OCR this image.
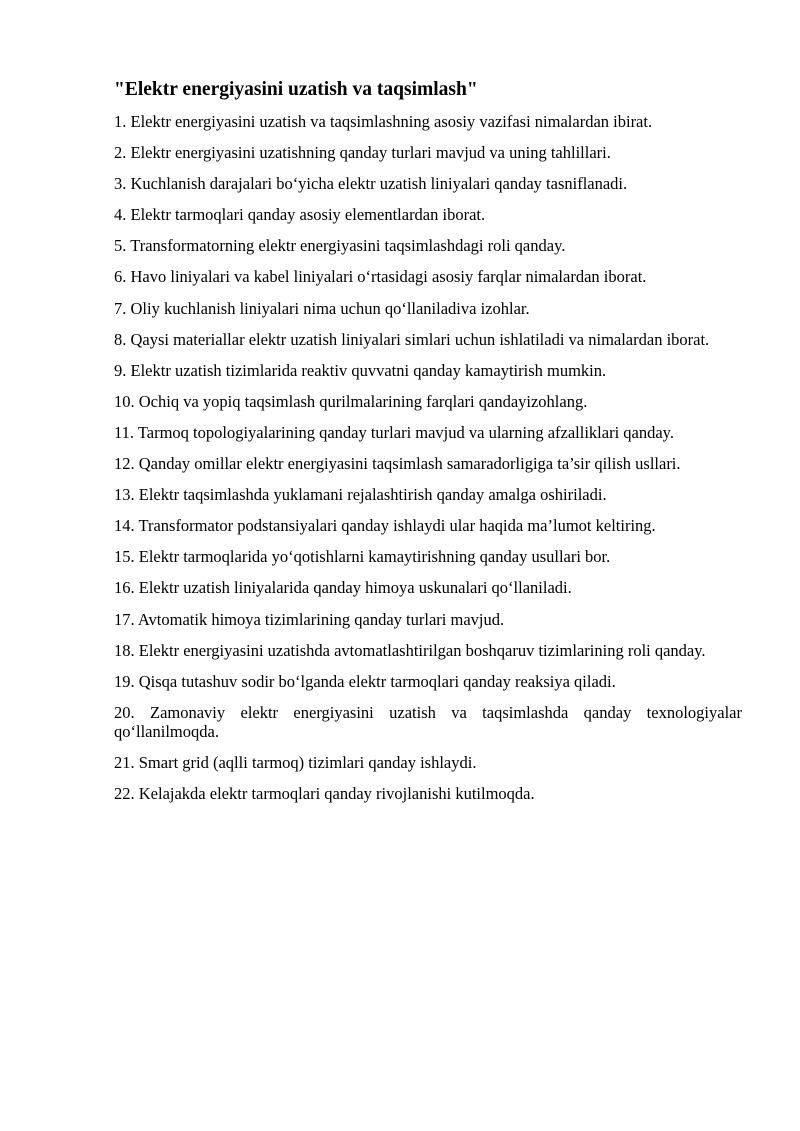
"Elektr energiyasini uzatish va taqsimlash"
1. Elektr energiyasini uzatish va taqsimlashning asosiy vazifasi nimalardan ibirat.
2. Elektr energiyasini uzatishning qanday turlari mavjud va uning tahlillari.
3. Kuchlanish darajalari boʻyicha elektr uzatish liniyalari qanday tasniflanadi.
4. Elektr tarmoqlari qanday asosiy elementlardan iborat.
5. Transformatorning elektr energiyasini taqsimlashdagi roli qanday.
6. Havo liniyalari va kabel liniyalari oʻrtasidagi asosiy farqlar nimalardan iborat.
7. Oliy kuchlanish liniyalari nima uchun qoʻllaniladiva izohlar.
8. Qaysi materiallar elektr uzatish liniyalari simlari uchun ishlatiladi va nimalardan iborat.
9. Elektr uzatish tizimlarida reaktiv quvvatni qanday kamaytirish mumkin.
10. Ochiq va yopiq taqsimlash qurilmalarining farqlari qandayizohlang.
11. Tarmoq topologiyalarining qanday turlari mavjud va ularning afzalliklari qanday.
12. Qanday omillar elektr energiyasini taqsimlash samaradorligiga ta’sir qilish usllari.
13. Elektr taqsimlashda yuklamani rejalashtirish qanday amalga oshiriladi.
14. Transformator podstansiyalari qanday ishlaydi ular haqida ma’lumot keltiring.
15. Elektr tarmoqlarida yoʻqotishlarni kamaytirishning qanday usullari bor.
16. Elektr uzatish liniyalarida qanday himoya uskunalari qoʻllaniladi.
17. Avtomatik himoya tizimlarining qanday turlari mavjud.
18. Elektr energiyasini uzatishda avtomatlashtirilgan boshqaruv tizimlarining roli qanday.
19. Qisqa tutashuv sodir boʻlganda elektr tarmoqlari qanday reaksiya qiladi.
20. Zamonaviy elektr energiyasini uzatish va taqsimlashda qanday texnologiyalar qoʻllanilmoqda.
21. Smart grid (aqlli tarmoq) tizimlari qanday ishlaydi.
22. Kelajakda elektr tarmoqlari qanday rivojlanishi kutilmoqda.
